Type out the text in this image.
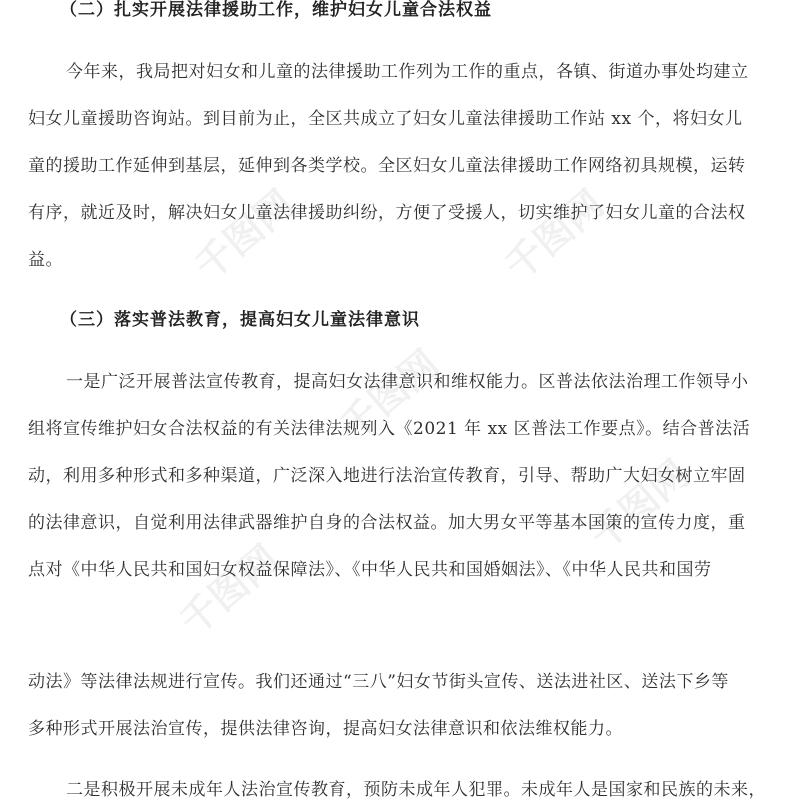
千图网	千图网
千图网
千图网
千图网
（二）扎实开展法律援助工作，维护妇女儿童合法权益
今年来，我局把对妇女和儿童的法律援助工作列为工作的重点，各镇、街道办事处均建立
妇女儿童援助咨询站。到目前为止，全区共成立了妇女儿童法律援助工作站 xx 个，将妇女儿
童的援助工作延伸到基层，延伸到各类学校。全区妇女儿童法律援助工作网络初具规模，运转
有序，就近及时，解决妇女儿童法律援助纠纷，方便了受援人，切实维护了妇女儿童的合法权
益。
（三）落实普法教育，提高妇女儿童法律意识
一是广泛开展普法宣传教育，提高妇女法律意识和维权能力。区普法依法治理工作领导小
组将宣传维护妇女合法权益的有关法律法规列入《2021 年 xx 区普法工作要点》。结合普法活
动，利用多种形式和多种渠道，广泛深入地进行法治宣传教育，引导、帮助广大妇女树立牢固
的法律意识，自觉利用法律武器维护自身的合法权益。加大男女平等基本国策的宣传力度，重
点对《中华人民共和国妇女权益保障法》、《中华人民共和国婚姻法》、《中华人民共和国劳
动法》等法律法规进行宣传。我们还通过“三八”妇女节街头宣传、送法进社区、送法下乡等
多种形式开展法治宣传，提供法律咨询，提高妇女法律意识和依法维权能力。
二是积极开展未成年人法治宣传教育，预防未成年人犯罪。未成年人是国家和民族的未来，
